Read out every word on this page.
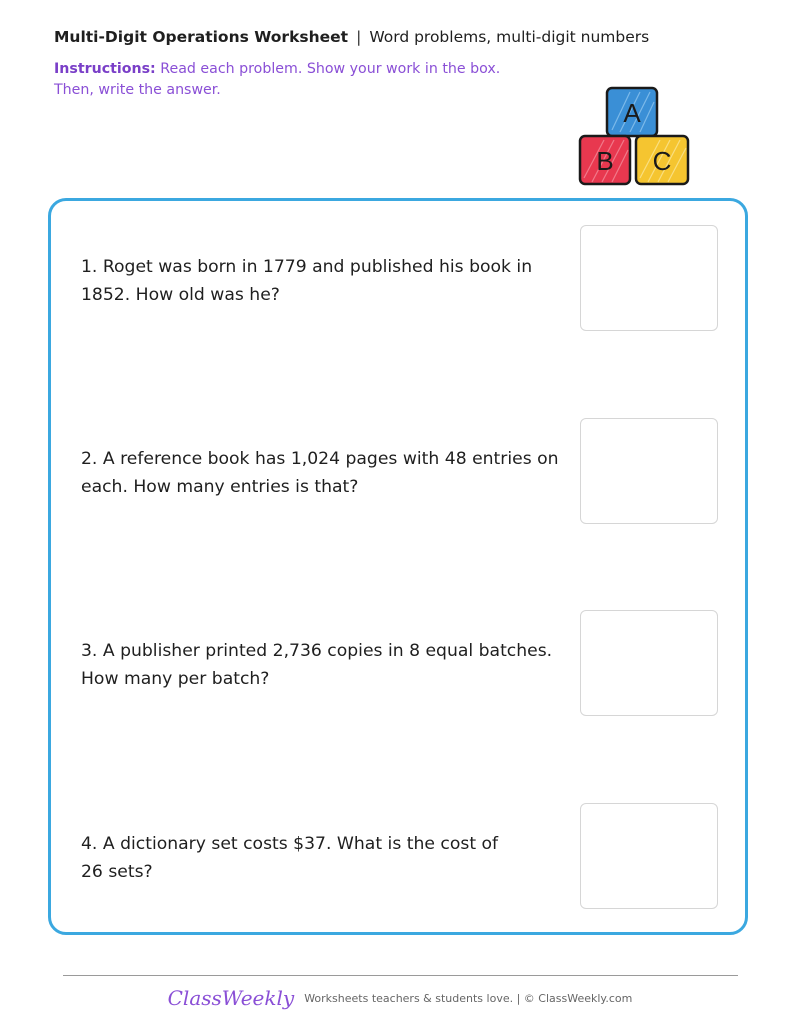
Multi-Digit Operations Worksheet | Word problems, multi-digit numbers
Instructions: Read each problem. Show your work in the box. Then, write the answer.
A
B C
1. Roget was born in 1779 and published his book in 1852. How old was he?
2. A reference book has 1,024 pages with 48 entries on each. How many entries is that?
3. A publisher printed 2,736 copies in 8 equal batches. How many per batch?
4. A dictionary set costs $37. What is the cost of 26 sets?
ClassWeekly Worksheets teachers & students love. | © ClassWeekly.com
